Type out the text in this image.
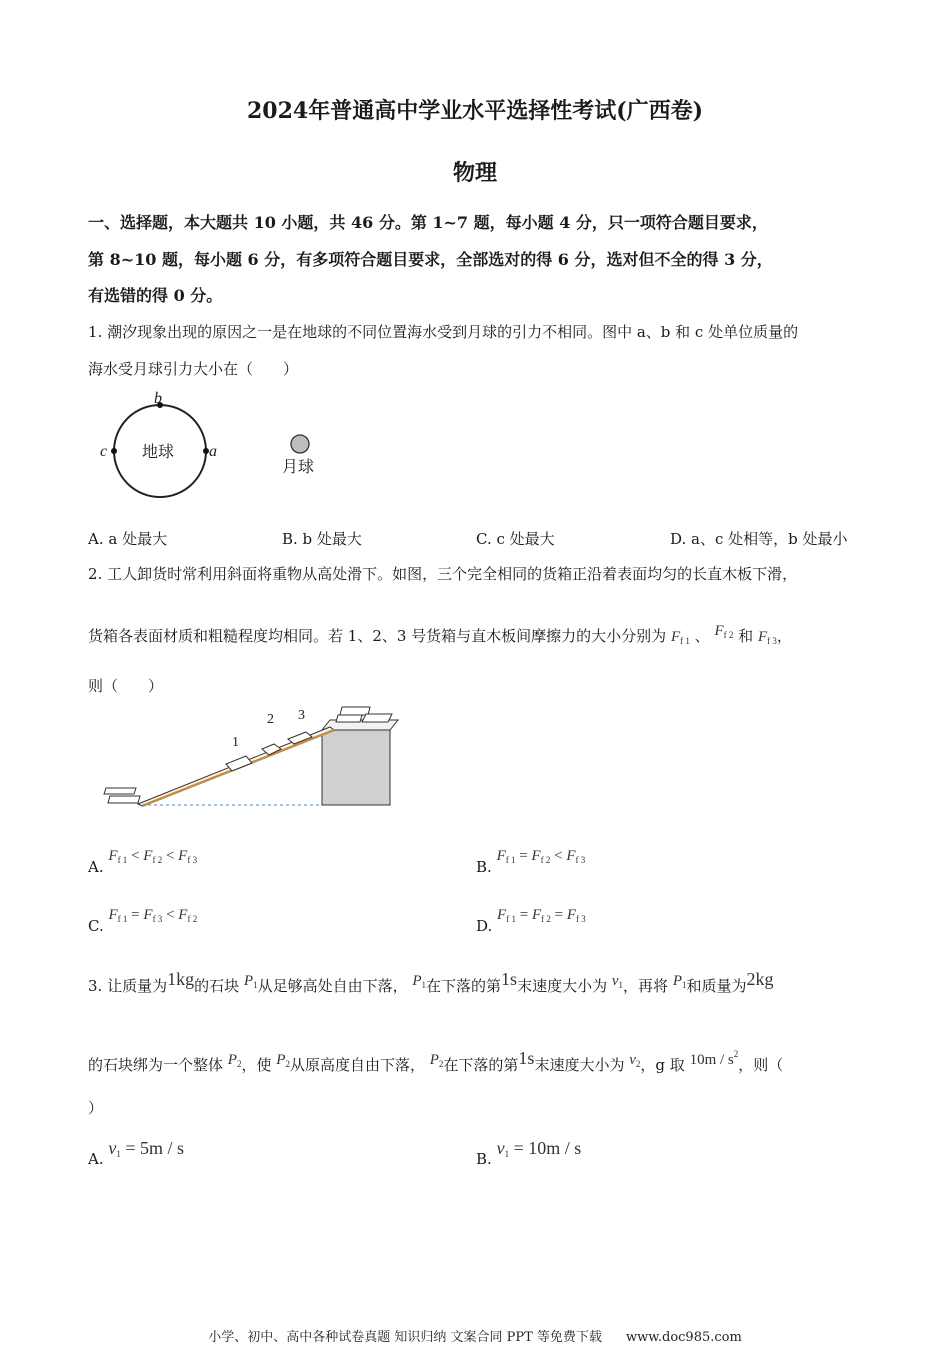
2024年普通高中学业水平选择性考试(广西卷)
物理
一、选择题，本大题共 10 小题，共 46 分。第 1~7 题，每小题 4 分，只一项符合题目要求，
第 8~10 题，每小题 6 分，有多项符合题目要求，全部选对的得 6 分，选对但不全的得 3 分，
有选错的得 0 分。
1. 潮汐现象出现的原因之一是在地球的不同位置海水受到月球的引力不相同。图中 a、b 和 c 处单位质量的
海水受月球引力大小在（　　）
地球
月球
b
a
c
A. a 处最大	B. b 处最大	C. c 处最大	D. a、c 处相等，b 处最小
2. 工人卸货时常利用斜面将重物从高处滑下。如图，三个完全相同的货箱正沿着表面均匀的长直木板下滑，
货箱各表面材质和粗糙程度均相同。若 1、2、3 号货箱与直木板间摩擦力的大小分别为 $F_{f 1}$ 、 $F_{f 2}$ 和 $F_{f 3}$，
则（　　）
1
2 3
A. $F_{f 1} < F_{f 2} < F_{f 3}$	B. $F_{f 1} = F_{f 2} < F_{f 3}$
C. $F_{f 1} = F_{f 3} < F_{f 2}$	D. $F_{f 1} = F_{f 2} = F_{f 3}$
3. 让质量为1kg的石块 $P_1$从足够高处自由下落， $P_1$在下落的第1s末速度大小为 $v_1$，再将 $P_1$和质量为2kg
的石块绑为一个整体 $P_2$，使 $P_2$从原高度自由下落， $P_2$在下落的第1s末速度大小为 $v_2$，g 取 $10m / s^2$，则（
）
A. $v_1 = 5m / s$
B. $v_1 = 10m / s$
小学、初中、高中各种试卷真题 知识归纳 文案合同 PPT 等免费下载 www.doc985.com
